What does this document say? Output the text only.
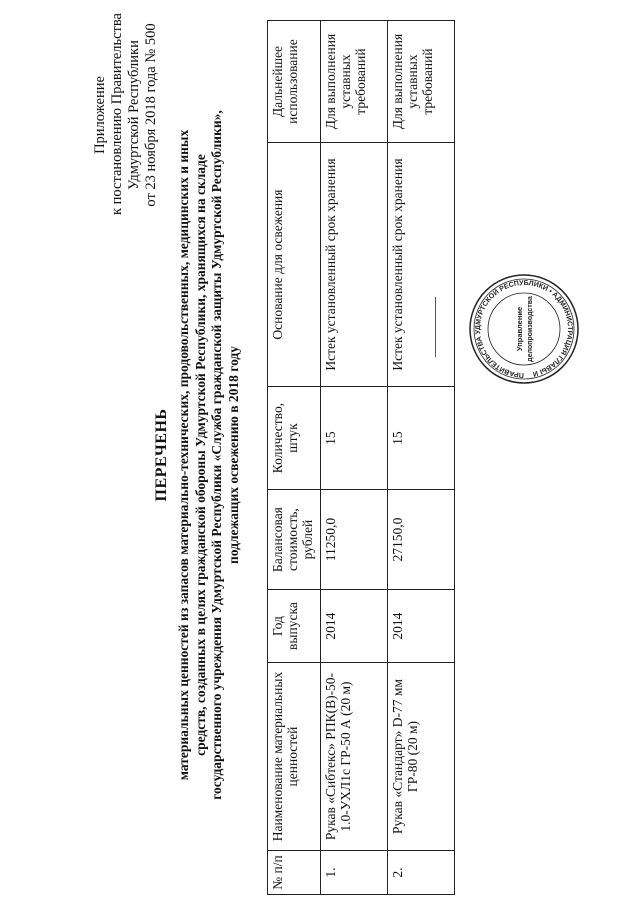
Приложение к постановлению Правительства Удмуртской Республики от 23 ноября 2018 года № 500
ПЕРЕЧЕНЬ материальных ценностей из запасов материально-технических, продовольственных, медицинских и иных средств, созданных в целях гражданской обороны Удмуртской Республики, хранящихся на складе государственного учреждения Удмуртской Республики «Служба гражданской защиты Удмуртской Республики», подлежащих освежению в 2018 году
№ п/п	Наименование материальных ценностей	Год выпуска	Балансовая стоимость, рублей	Количество, штук	Основание для освежения	Дальнейшее использование
1.	Рукав «Сибтекс» РПК(В)-50-1.0-УХЛ1с ГР-50 А (20 м)	2014	11250,0	15	Истек установленный срок хранения	Для выполнения уставных требований
2.	Рукав «Стандарт» D-77 мм ГР-80 (20 м)	2014	27150,0	15	Истек установленный срок хранения	Для выполнения уставных требований
ПРАВИТЕЛЬСТВА УДМУРТСКОЙ РЕСПУБЛИКИ • АДМИНИСТРАЦИЯ ГЛАВЫ И
Управление делопроизводства
